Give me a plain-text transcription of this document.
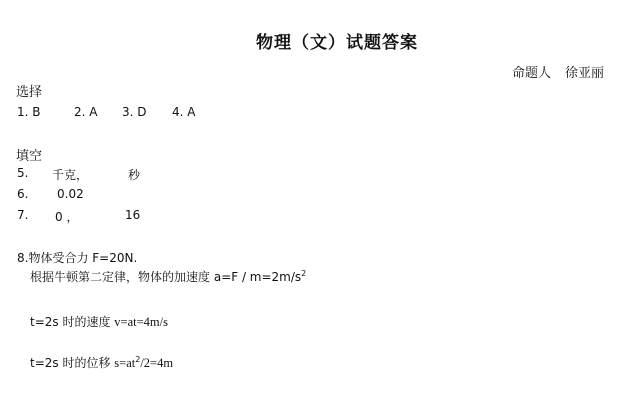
物理（文）试题答案
命题人 徐亚丽
选择
1. B	2. A 3. D 4. A
填空
5. 千克，	秒
6. 0.02
7. 0 ，	16
8.物体受合力 F=20N.
根据牛顿第二定律，物体的加速度 $a=F / m=2m/s^2$
t=2s 时的速度 v=at=4m/s
t=2s 时的位移 $s=at^2/2=4m$
